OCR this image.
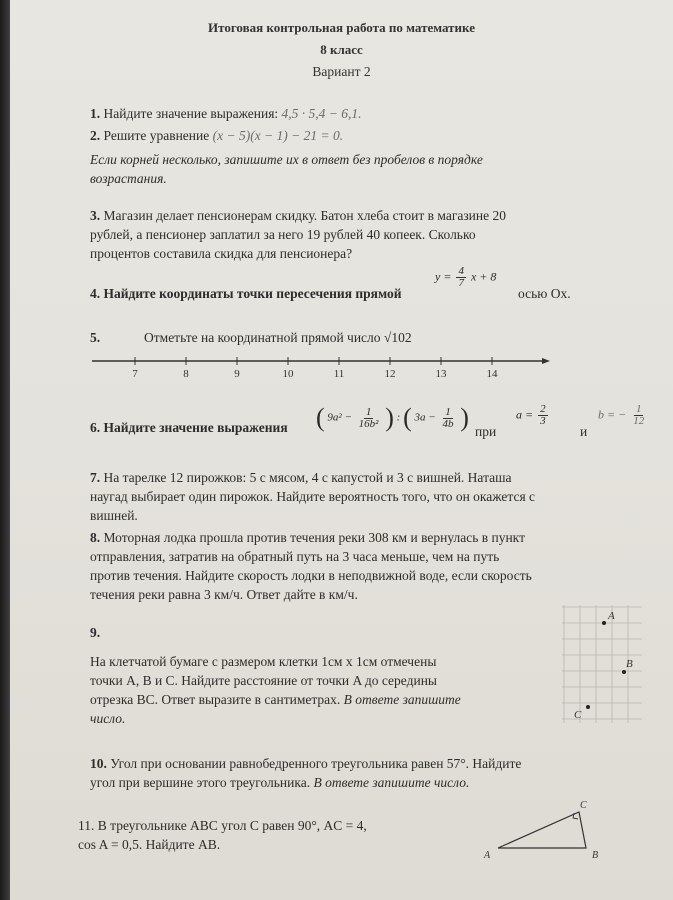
Итоговая контрольная работа по математике
8 класс
Вариант 2
1. Найдите значение выражения: 4,5 · 5,4 − 6,1.
2. Решите уравнение (x − 5)(x − 1) − 21 = 0.
Если корней несколько, запишите их в ответ без пробелов в порядке
возрастания.
3. Магазин делает пенсионерам скидку. Батон хлеба стоит в магазине 20
рублей, а пенсионер заплатил за него 19 рублей 40 копеек. Сколько
процентов составила скидка для пенсионера?
4. Найдите координаты точки пересечения прямой
$y = \frac{4}{7}$ x + 8
осью Ox.
5.	Отметьте на координатной прямой число √102
7	8	9	10	11	12	13	14
6. Найдите значение выражения ( $9a^2 - \frac{1}{\text{16b²}}$ ) : ( $3a - \frac{1}{4b}$ ) при
$a = \frac{2}{3}$
и
b = − $\frac{1}{12}$
7. На тарелке 12 пирожков: 5 с мясом, 4 с капустой и 3 с вишней. Наташа
наугад выбирает один пирожок. Найдите вероятность того, что он окажется с
вишней.
8. Моторная лодка прошла против течения реки 308 км и вернулась в пункт
отправления, затратив на обратный путь на 3 часа меньше, чем на путь
против течения. Найдите скорость лодки в неподвижной воде, если скорость
течения реки равна 3 км/ч. Ответ дайте в км/ч.
9.
На клетчатой бумаге с размером клетки 1см х 1см отмечены
точки A, B и C. Найдите расстояние от точки A до середины
отрезка BC. Ответ выразите в сантиметрах. В ответе запишите
число.
A
B
C
10. Угол при основании равнобедренного треугольника равен 57°. Найдите
угол при вершине этого треугольника. В ответе запишите число.
11. В треугольнике ABC угол C равен 90°, AC = 4,
cos A = 0,5. Найдите AB.
A	B
C
